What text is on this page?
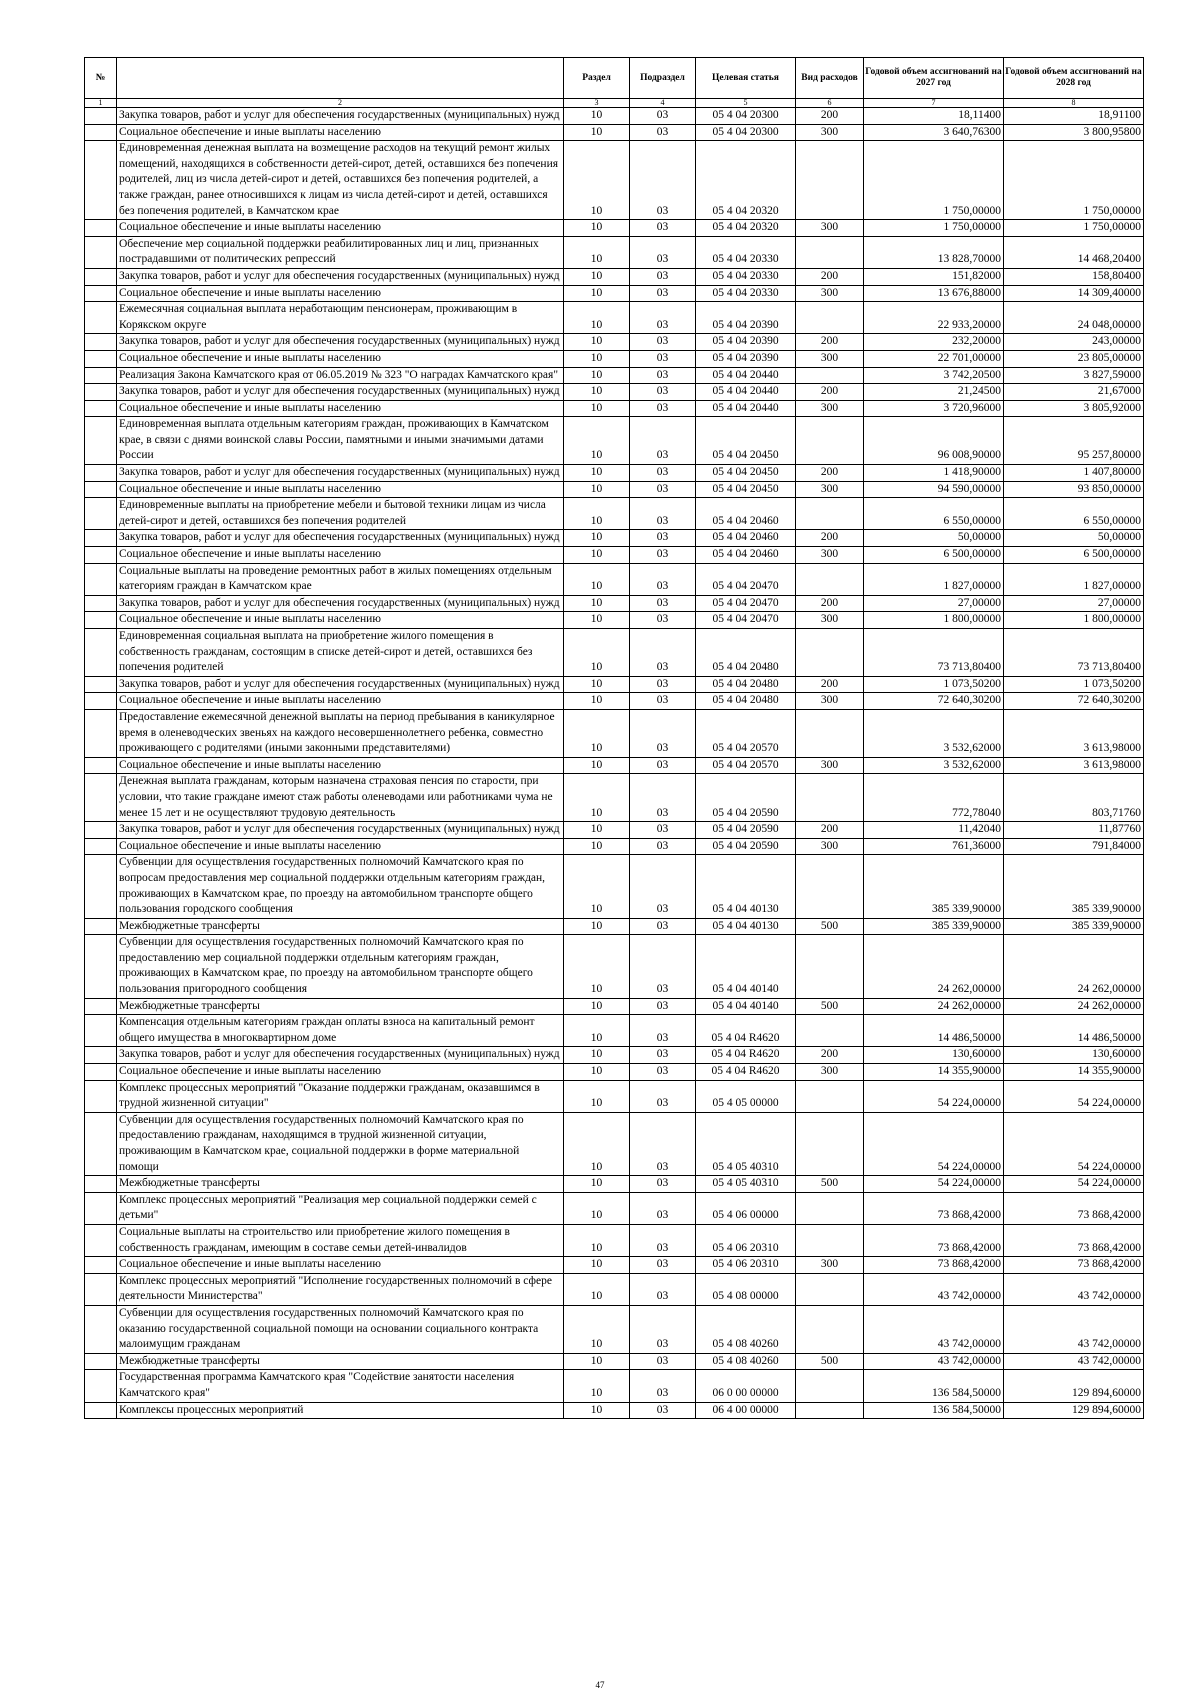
№		Раздел	Подраздел	Целевая статья	Вид расходов	Годовой объем ассигнований на 2027 год	Годовой объем ассигнований на 2028 год
1	2	3	4	5	6	7	8
	Закупка товаров, работ и услуг для обеспечения государственных (муниципальных) нужд	10	03	05 4 04 20300	200	18,11400	18,91100
	Социальное обеспечение и иные выплаты населению	10	03	05 4 04 20300	300	3 640,76300	3 800,95800
	Единовременная денежная выплата на возмещение расходов на текущий ремонт жилых помещений, находящихся в собственности детей-сирот, детей, оставшихся без попечения родителей, лиц из числа детей-сирот и детей, оставшихся без попечения родителей, а также граждан, ранее относившихся к лицам из числа детей-сирот и детей, оставшихся без попечения родителей, в Камчатском крае	10	03	05 4 04 20320		1 750,00000	1 750,00000
	Социальное обеспечение и иные выплаты населению	10	03	05 4 04 20320	300	1 750,00000	1 750,00000
	Обеспечение мер социальной поддержки реабилитированных лиц и лиц, признанных пострадавшими от политических репрессий	10	03	05 4 04 20330		13 828,70000	14 468,20400
	Закупка товаров, работ и услуг для обеспечения государственных (муниципальных) нужд	10	03	05 4 04 20330	200	151,82000	158,80400
	Социальное обеспечение и иные выплаты населению	10	03	05 4 04 20330	300	13 676,88000	14 309,40000
	Ежемесячная социальная выплата неработающим пенсионерам, проживающим в Корякском округе	10	03	05 4 04 20390		22 933,20000	24 048,00000
	Закупка товаров, работ и услуг для обеспечения государственных (муниципальных) нужд	10	03	05 4 04 20390	200	232,20000	243,00000
	Социальное обеспечение и иные выплаты населению	10	03	05 4 04 20390	300	22 701,00000	23 805,00000
	Реализация Закона Камчатского края от 06.05.2019 № 323 "О наградах Камчатского края"	10	03	05 4 04 20440		3 742,20500	3 827,59000
	Закупка товаров, работ и услуг для обеспечения государственных (муниципальных) нужд	10	03	05 4 04 20440	200	21,24500	21,67000
	Социальное обеспечение и иные выплаты населению	10	03	05 4 04 20440	300	3 720,96000	3 805,92000
	Единовременная выплата отдельным категориям граждан, проживающих в Камчатском крае, в связи с днями воинской славы России, памятными и иными значимыми датами России	10	03	05 4 04 20450		96 008,90000	95 257,80000
	Закупка товаров, работ и услуг для обеспечения государственных (муниципальных) нужд	10	03	05 4 04 20450	200	1 418,90000	1 407,80000
	Социальное обеспечение и иные выплаты населению	10	03	05 4 04 20450	300	94 590,00000	93 850,00000
	Единовременные выплаты на приобретение мебели и бытовой техники лицам из числа детей-сирот и детей, оставшихся без попечения родителей	10	03	05 4 04 20460		6 550,00000	6 550,00000
	Закупка товаров, работ и услуг для обеспечения государственных (муниципальных) нужд	10	03	05 4 04 20460	200	50,00000	50,00000
	Социальное обеспечение и иные выплаты населению	10	03	05 4 04 20460	300	6 500,00000	6 500,00000
	Социальные выплаты на проведение ремонтных работ в жилых помещениях отдельным категориям граждан в Камчатском крае	10	03	05 4 04 20470		1 827,00000	1 827,00000
	Закупка товаров, работ и услуг для обеспечения государственных (муниципальных) нужд	10	03	05 4 04 20470	200	27,00000	27,00000
	Социальное обеспечение и иные выплаты населению	10	03	05 4 04 20470	300	1 800,00000	1 800,00000
	Единовременная социальная выплата на приобретение жилого помещения в собственность гражданам, состоящим в списке детей-сирот и детей, оставшихся без попечения родителей	10	03	05 4 04 20480		73 713,80400	73 713,80400
	Закупка товаров, работ и услуг для обеспечения государственных (муниципальных) нужд	10	03	05 4 04 20480	200	1 073,50200	1 073,50200
	Социальное обеспечение и иные выплаты населению	10	03	05 4 04 20480	300	72 640,30200	72 640,30200
	Предоставление ежемесячной денежной выплаты на период пребывания в каникулярное время в оленеводческих звеньях на каждого несовершеннолетнего ребенка, совместно проживающего с родителями (иными законными представителями)	10	03	05 4 04 20570		3 532,62000	3 613,98000
	Социальное обеспечение и иные выплаты населению	10	03	05 4 04 20570	300	3 532,62000	3 613,98000
	Денежная выплата гражданам, которым назначена страховая пенсия по старости, при условии, что такие граждане имеют стаж работы оленеводами или работниками чума не менее 15 лет и не осуществляют трудовую деятельность	10	03	05 4 04 20590		772,78040	803,71760
	Закупка товаров, работ и услуг для обеспечения государственных (муниципальных) нужд	10	03	05 4 04 20590	200	11,42040	11,87760
	Социальное обеспечение и иные выплаты населению	10	03	05 4 04 20590	300	761,36000	791,84000
	Субвенции для осуществления государственных полномочий Камчатского края по вопросам предоставления мер социальной поддержки отдельным категориям граждан, проживающих в Камчатском крае, по проезду на автомобильном транспорте общего пользования городского сообщения	10	03	05 4 04 40130		385 339,90000	385 339,90000
	Межбюджетные трансферты	10	03	05 4 04 40130	500	385 339,90000	385 339,90000
	Субвенции для осуществления государственных полномочий Камчатского края по предоставлению мер социальной поддержки отдельным категориям граждан, проживающих в Камчатском крае, по проезду на автомобильном транспорте общего пользования пригородного сообщения	10	03	05 4 04 40140		24 262,00000	24 262,00000
	Межбюджетные трансферты	10	03	05 4 04 40140	500	24 262,00000	24 262,00000
	Компенсация отдельным категориям граждан оплаты взноса на капитальный ремонт общего имущества в многоквартирном доме	10	03	05 4 04 R4620		14 486,50000	14 486,50000
	Закупка товаров, работ и услуг для обеспечения государственных (муниципальных) нужд	10	03	05 4 04 R4620	200	130,60000	130,60000
	Социальное обеспечение и иные выплаты населению	10	03	05 4 04 R4620	300	14 355,90000	14 355,90000
	Комплекс процессных мероприятий "Оказание поддержки гражданам, оказавшимся в трудной жизненной ситуации"	10	03	05 4 05 00000		54 224,00000	54 224,00000
	Субвенции для осуществления государственных полномочий Камчатского края по предоставлению гражданам, находящимся в трудной жизненной ситуации, проживающим в Камчатском крае, социальной поддержки в форме материальной помощи	10	03	05 4 05 40310		54 224,00000	54 224,00000
	Межбюджетные трансферты	10	03	05 4 05 40310	500	54 224,00000	54 224,00000
	Комплекс процессных мероприятий "Реализация мер социальной поддержки семей с детьми"	10	03	05 4 06 00000		73 868,42000	73 868,42000
	Социальные выплаты на строительство или приобретение жилого помещения в собственность гражданам, имеющим в составе семьи детей-инвалидов	10	03	05 4 06 20310		73 868,42000	73 868,42000
	Социальное обеспечение и иные выплаты населению	10	03	05 4 06 20310	300	73 868,42000	73 868,42000
	Комплекс процессных мероприятий "Исполнение государственных полномочий в сфере деятельности Министерства"	10	03	05 4 08 00000		43 742,00000	43 742,00000
	Субвенции для осуществления государственных полномочий Камчатского края по оказанию государственной социальной помощи на основании социального контракта малоимущим гражданам	10	03	05 4 08 40260		43 742,00000	43 742,00000
	Межбюджетные трансферты	10	03	05 4 08 40260	500	43 742,00000	43 742,00000
	Государственная программа Камчатского края "Содействие занятости населения Камчатского края"	10	03	06 0 00 00000		136 584,50000	129 894,60000
	Комплексы процессных мероприятий	10	03	06 4 00 00000		136 584,50000	129 894,60000
47
